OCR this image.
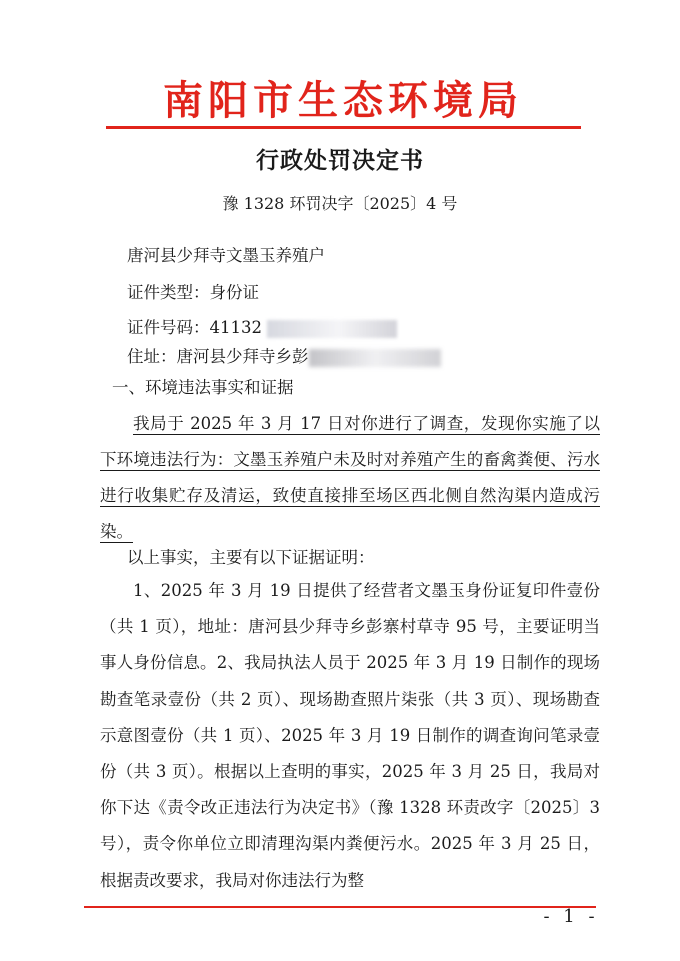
南阳市生态环境局
行政处罚决定书
豫 1328 环罚决字〔2025〕4 号
唐河县少拜寺文墨玉养殖户
证件类型：身份证
证件号码：41132
住址：唐河县少拜寺乡彭
一、环境违法事实和证据
我局于 2025 年 3 月 17 日对你进行了调查，发现你实施了以下环境违法行为：文墨玉养殖户未及时对养殖产生的畜禽粪便、污水进行收集贮存及清运，致使直接排至场区西北侧自然沟渠内造成污染。
以上事实，主要有以下证据证明：
1、2025 年 3 月 19 日提供了经营者文墨玉身份证复印件壹份（共 1 页），地址：唐河县少拜寺乡彭寨村草寺 95 号，主要证明当事人身份信息。2、我局执法人员于 2025 年 3 月 19 日制作的现场勘查笔录壹份（共 2 页）、现场勘查照片柒张（共 3 页）、现场勘查示意图壹份（共 1 页）、2025 年 3 月 19 日制作的调查询问笔录壹份（共 3 页）。根据以上查明的事实，2025 年 3 月 25 日，我局对你下达《责令改正违法行为决定书》（豫 1328 环责改字〔2025〕3 号），责令你单位立即清理沟渠内粪便污水。2025 年 3 月 25 日，根据责改要求，我局对你违法行为整
- 1 -
